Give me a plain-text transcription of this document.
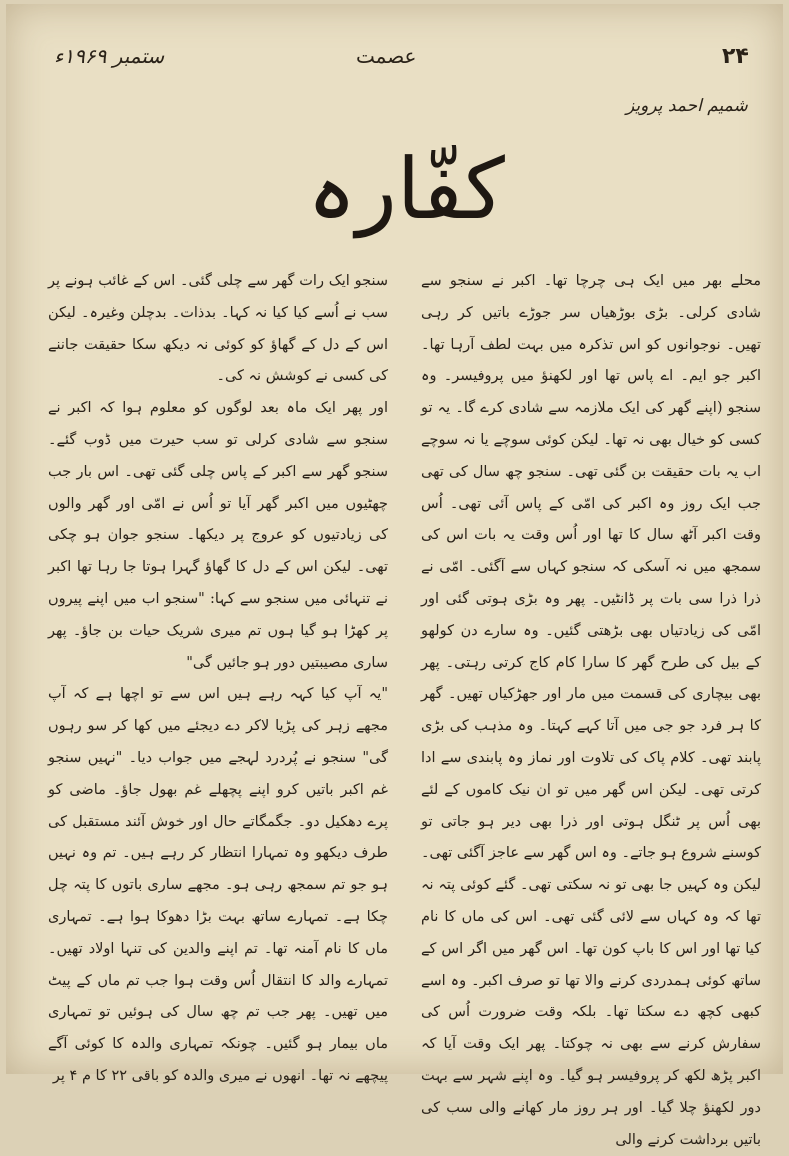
ستمبر ۱۹۶۹ء	عصمت	۲۴
شمیم احمد پرویز
کفّارہ
محلے بھر میں ایک ہی چرچا تھا۔ اکبر نے سنجو سے شادی کرلی۔ بڑی بوڑھیاں سر جوڑے باتیں کر رہی تھیں۔ نوجوانوں کو اس تذکرہ میں بہت لطف آرہا تھا۔ اکبر جو ایم۔ اے پاس تھا اور لکھنؤ میں پروفیسر۔ وہ سنجو (اپنے گھر کی ایک ملازمہ سے شادی کرے گا۔ یہ تو کسی کو خیال بھی نہ تھا۔ لیکن کوئی سوچے یا نہ سوچے اب یہ بات حقیقت بن گئی تھی۔ سنجو چھ سال کی تھی جب ایک روز وہ اکبر کی امّی کے پاس آئی تھی۔ اُس وقت اکبر آٹھ سال کا تھا اور اُس وقت یہ بات اس کی سمجھ میں نہ آسکی کہ سنجو کہاں سے آگئی۔ امّی نے ذرا ذرا سی بات پر ڈانٹیں۔ پھر وہ بڑی ہوتی گئی اور امّی کی زیادتیاں بھی بڑھتی گئیں۔ وہ سارے دن کولھو کے بیل کی طرح گھر کا سارا کام کاج کرتی رہتی۔ پھر بھی بیچاری کی قسمت میں مار اور جھڑکیاں تھیں۔ گھر کا ہر فرد جو جی میں آتا کہے کہتا۔ وہ مذہب کی بڑی پابند تھی۔ کلام پاک کی تلاوت اور نماز وہ پابندی سے ادا کرتی تھی۔ لیکن اس گھر میں تو ان نیک کاموں کے لئے بھی اُس پر ٹنگل ہوتی اور ذرا بھی دیر ہو جاتی تو کوسنے شروع ہو جاتے۔ وہ اس گھر سے عاجز آگئی تھی۔ لیکن وہ کہیں جا بھی تو نہ سکتی تھی۔ گئے کوئی پتہ نہ تھا کہ وہ کہاں سے لائی گئی تھی۔ اس کی ماں کا نام کیا تھا اور اس کا باپ کون تھا۔ اس گھر میں اگر اس کے ساتھ کوئی ہمدردی کرنے والا تھا تو صرف اکبر۔ وہ اسے کبھی کچھ دے سکتا تھا۔ بلکہ وقت ضرورت اُس کی سفارش کرنے سے بھی نہ چوکتا۔ پھر ایک وقت آیا کہ اکبر پڑھ لکھ کر پروفیسر ہو گیا۔ وہ اپنے شہر سے بہت دور لکھنؤ چلا گیا۔ اور ہر روز مار کھانے والی سب کی باتیں برداشت کرنے والی

سنجو ایک رات گھر سے چلی گئی۔ اس کے غائب ہونے پر سب نے اُسے کیا کیا نہ کہا۔ بدذات۔ بدچلن وغیرہ۔ لیکن اس کے دل کے گھاؤ کو کوئی نہ دیکھ سکا حقیقت جاننے کی کسی نے کوشش نہ کی۔

اور پھر ایک ماہ بعد لوگوں کو معلوم ہوا کہ اکبر نے سنجو سے شادی کرلی تو سب حیرت میں ڈوب گئے۔ سنجو گھر سے اکبر کے پاس چلی گئی تھی۔ اس بار جب چھٹیوں میں اکبر گھر آیا تو اُس نے امّی اور گھر والوں کی زیادتیوں کو عروج پر دیکھا۔ سنجو جوان ہو چکی تھی۔ لیکن اس کے دل کا گھاؤ گہرا ہوتا جا رہا تھا اکبر نے تنہائی میں سنجو سے کہا: "سنجو اب میں اپنے پیروں پر کھڑا ہو گیا ہوں تم میری شریک حیات بن جاؤ۔ پھر ساری مصیبتیں دور ہو جائیں گی"

"یہ آپ کیا کہہ رہے ہیں اس سے تو اچھا ہے کہ آپ مجھے زہر کی پڑیا لاکر دے دیجئے میں کھا کر سو رہوں گی" سنجو نے پُردرد لہجے میں جواب دیا۔ "نہیں سنجو غم اکبر باتیں کرو اپنے پچھلے غم بھول جاؤ۔ ماضی کو پرے دھکیل دو۔ جگمگاتے حال اور خوش آئند مستقبل کی طرف دیکھو وہ تمہارا انتظار کر رہے ہیں۔ تم وہ نہیں ہو جو تم سمجھ رہی ہو۔ مجھے ساری باتوں کا پتہ چل چکا ہے۔ تمہارے ساتھ بہت بڑا دھوکا ہوا ہے۔ تمہاری ماں کا نام آمنہ تھا۔ تم اپنے والدین کی تنہا اولاد تھیں۔ تمہارے والد کا انتقال اُس وقت ہوا جب تم ماں کے پیٹ میں تھیں۔ پھر جب تم چھ سال کی ہوئیں تو تمہاری ماں بیمار ہو گئیں۔ چونکہ تمہاری والدہ کا کوئی آگے پیچھے نہ تھا۔ انھوں نے میری والدہ کو باقی ۲۲ کا م ۴ پر
